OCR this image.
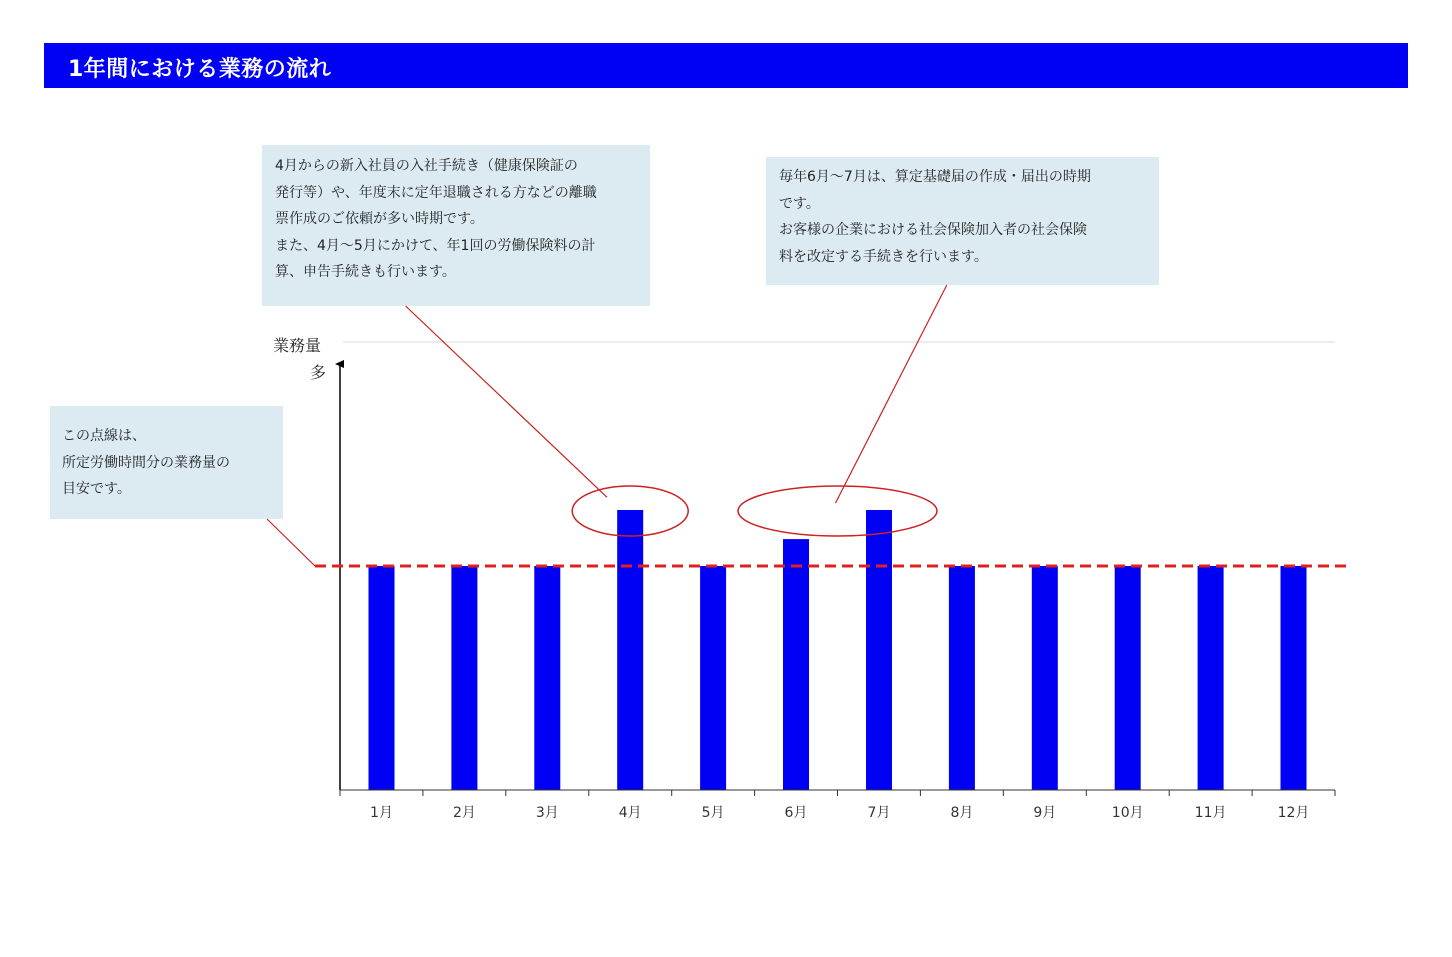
1年間における業務の流れ
4月からの新入社員の入社手続き（健康保険証の
発行等）や、年度末に定年退職される方などの離職
票作成のご依頼が多い時期です。
また、4月～5月にかけて、年1回の労働保険料の計
算、申告手続きも行います。
毎年6月～7月は、算定基礎届の作成・届出の時期
です。
お客様の企業における社会保険加入者の社会保険
料を改定する手続きを行います。
この点線は、
所定労働時間分の業務量の
目安です。
業務量
多
1月	2月	3月	4月	5月	6月	7月	8月	9月	10月	11月	12月
